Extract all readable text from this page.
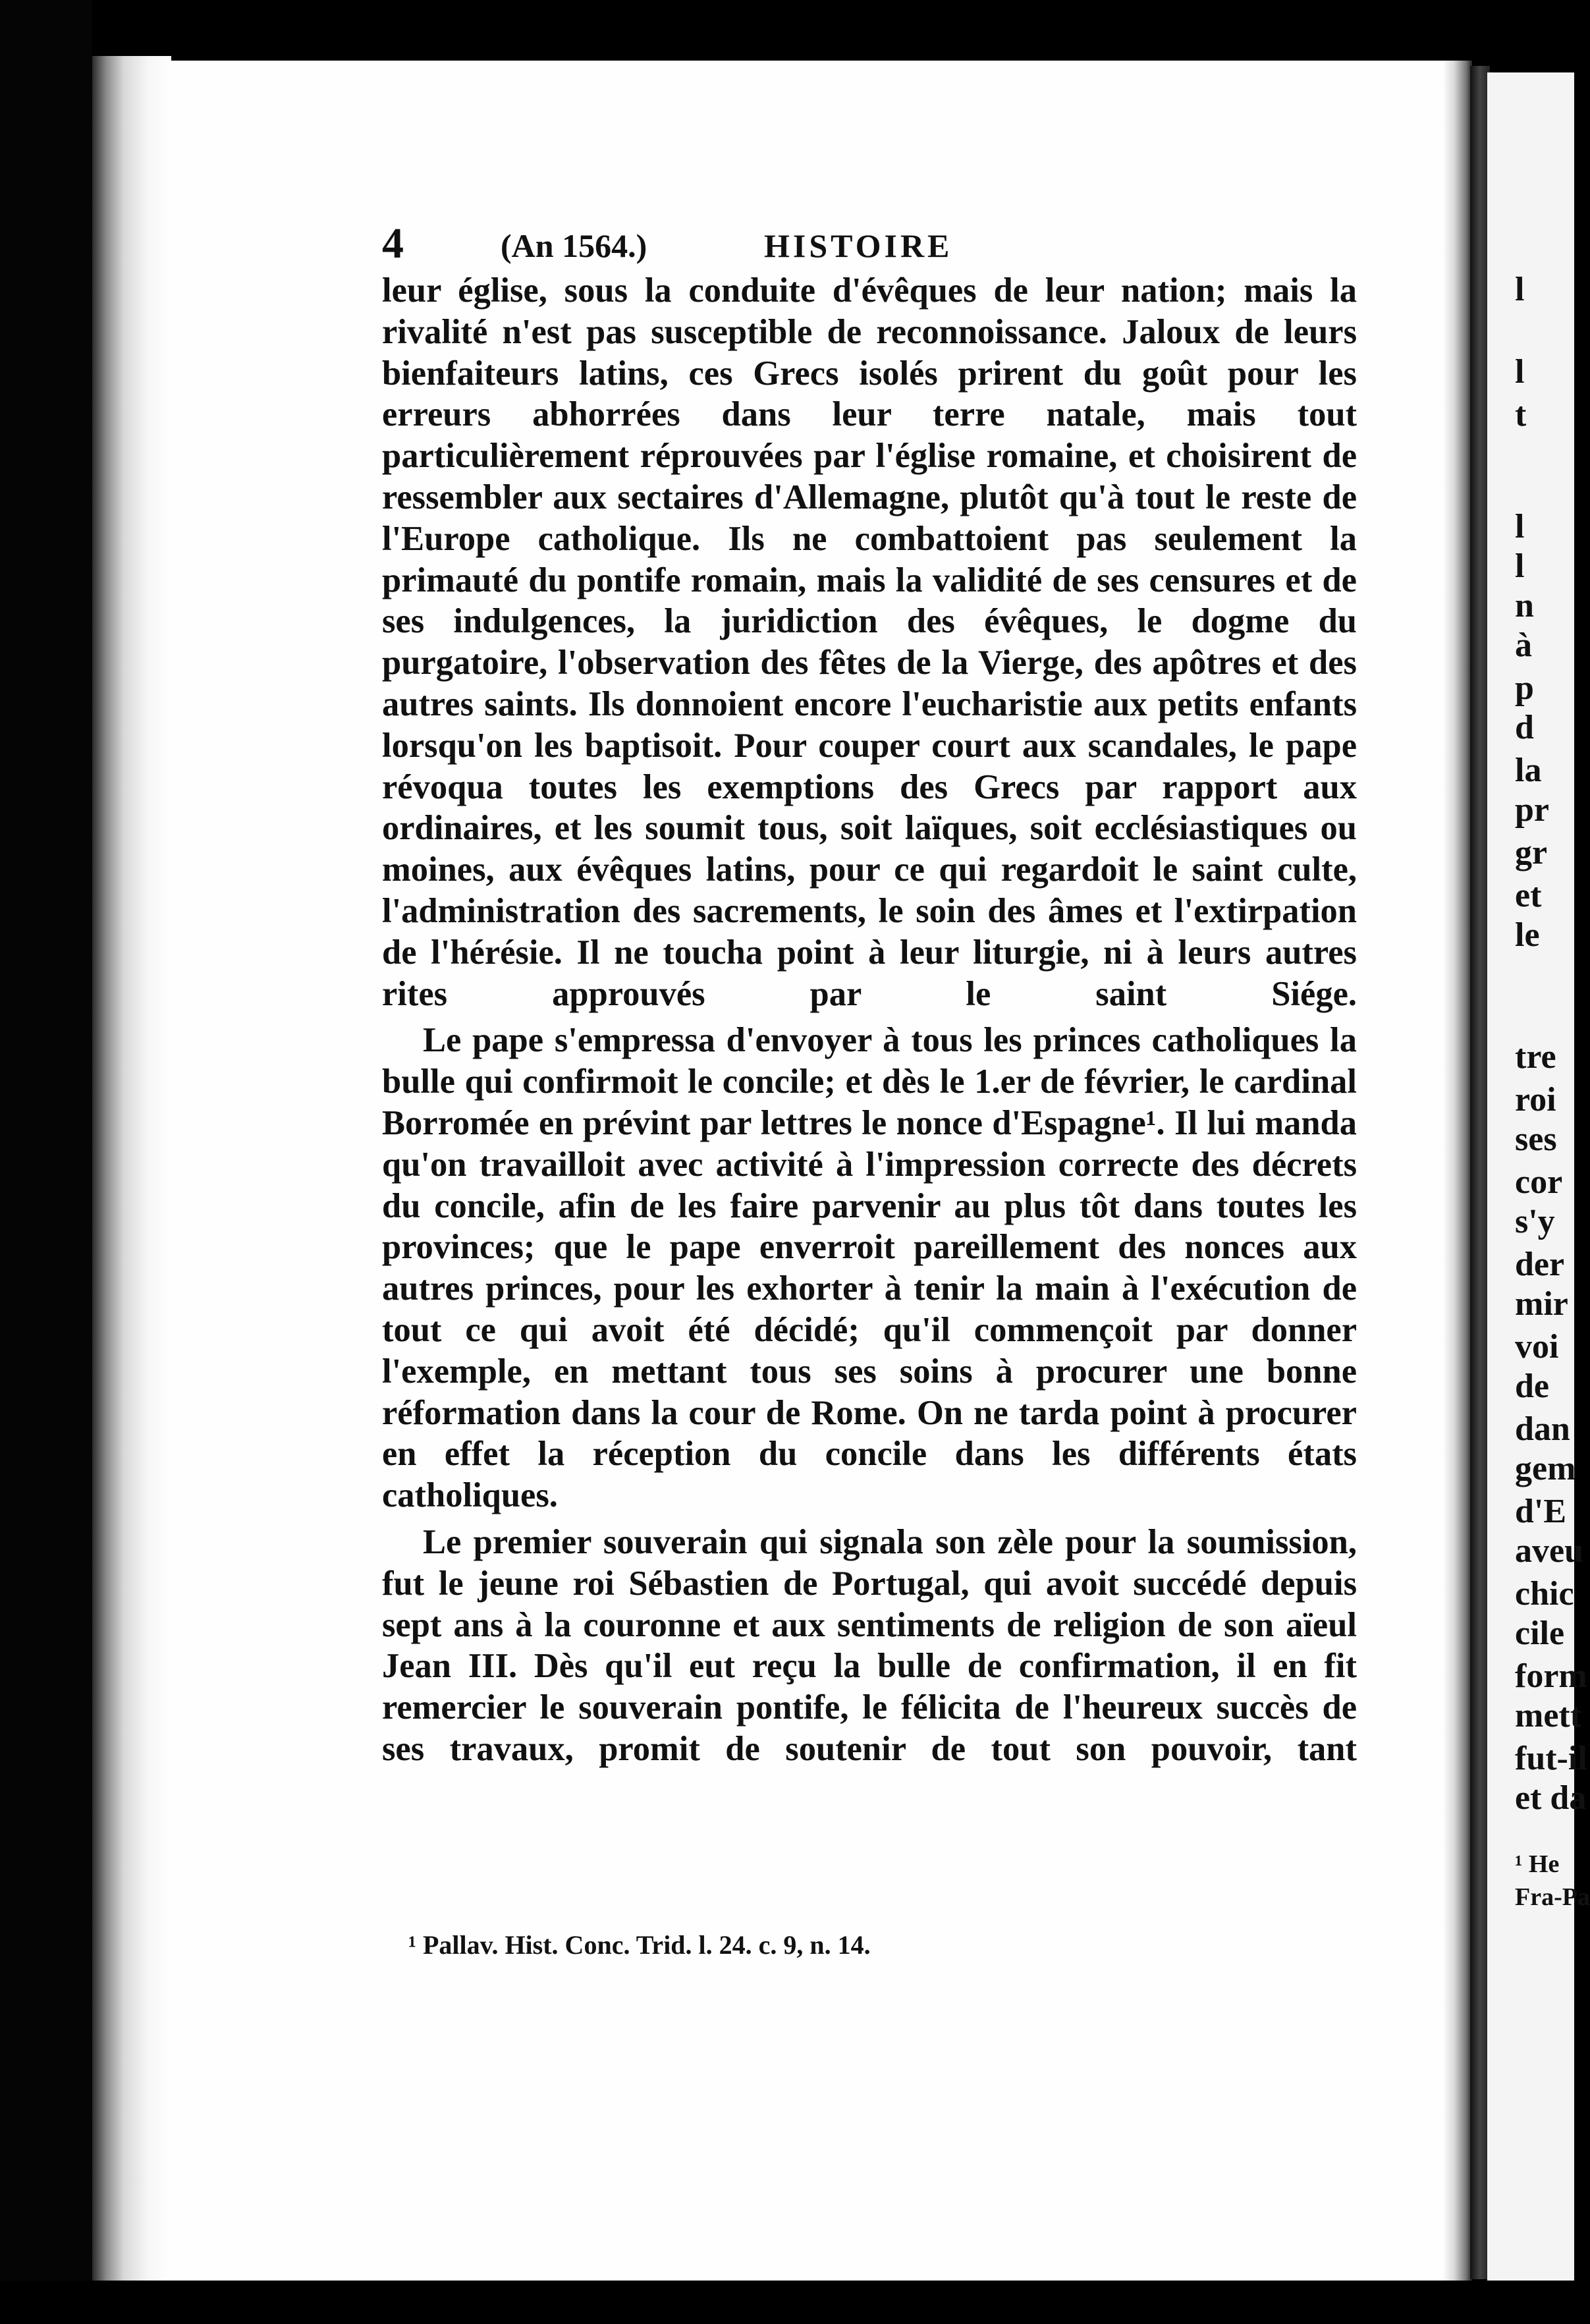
4	(An 1564.)	HISTOIRE

leur église, sous la conduite d'évêques de leur nation; mais la rivalité n'est pas susceptible de reconnoissance. Jaloux de leurs bienfaiteurs latins, ces Grecs isolés prirent du goût pour les erreurs abhorrées dans leur terre natale, mais tout particulièrement réprouvées par l'église romaine, et choisirent de ressembler aux sectaires d'Allemagne, plutôt qu'à tout le reste de l'Europe catholique. Ils ne combattoient pas seulement la primauté du pontife romain, mais la validité de ses censures et de ses indulgences, la juridiction des évêques, le dogme du purgatoire, l'observation des fêtes de la Vierge, des apôtres et des autres saints. Ils donnoient encore l'eucharistie aux petits enfants lorsqu'on les baptisoit. Pour couper court aux scandales, le pape révoqua toutes les exemptions des Grecs par rapport aux ordinaires, et les soumit tous, soit laïques, soit ecclésiastiques ou moines, aux évêques latins, pour ce qui regardoit le saint culte, l'administration des sacrements, le soin des âmes et l'extirpation de l'hérésie. Il ne toucha point à leur liturgie, ni à leurs autres rites approuvés par le saint Siége.

Le pape s'empressa d'envoyer à tous les princes catholiques la bulle qui confirmoit le concile; et dès le 1.er de février, le cardinal Borromée en prévint par lettres le nonce d'Espagne¹. Il lui manda qu'on travailloit avec activité à l'impression correcte des décrets du concile, afin de les faire parvenir au plus tôt dans toutes les provinces; que le pape enverroit pareillement des nonces aux autres princes, pour les exhorter à tenir la main à l'exécution de tout ce qui avoit été décidé; qu'il commençoit par donner l'exemple, en mettant tous ses soins à procurer une bonne réformation dans la cour de Rome. On ne tarda point à procurer en effet la réception du concile dans les différents états catholiques.

Le premier souverain qui signala son zèle pour la soumission, fut le jeune roi Sébastien de Portugal, qui avoit succédé depuis sept ans à la couronne et aux sentiments de religion de son aïeul Jean III. Dès qu'il eut reçu la bulle de confirmation, il en fit remercier le souverain pontife, le félicita de l'heureux succès de ses travaux, promit de soutenir de tout son pouvoir, tant

¹ Pallav. Hist. Conc. Trid. l. 24. c. 9, n. 14.
l
l
t
l
l
n
à
p
d
la
pr
gr
et
le
tre
roi
ses
cor
s'y
der
mir
voi
de
dan
gem
d'E
aveu
chic
cile
form
mett
fut-il
et da
¹ He
Fra-Pa
